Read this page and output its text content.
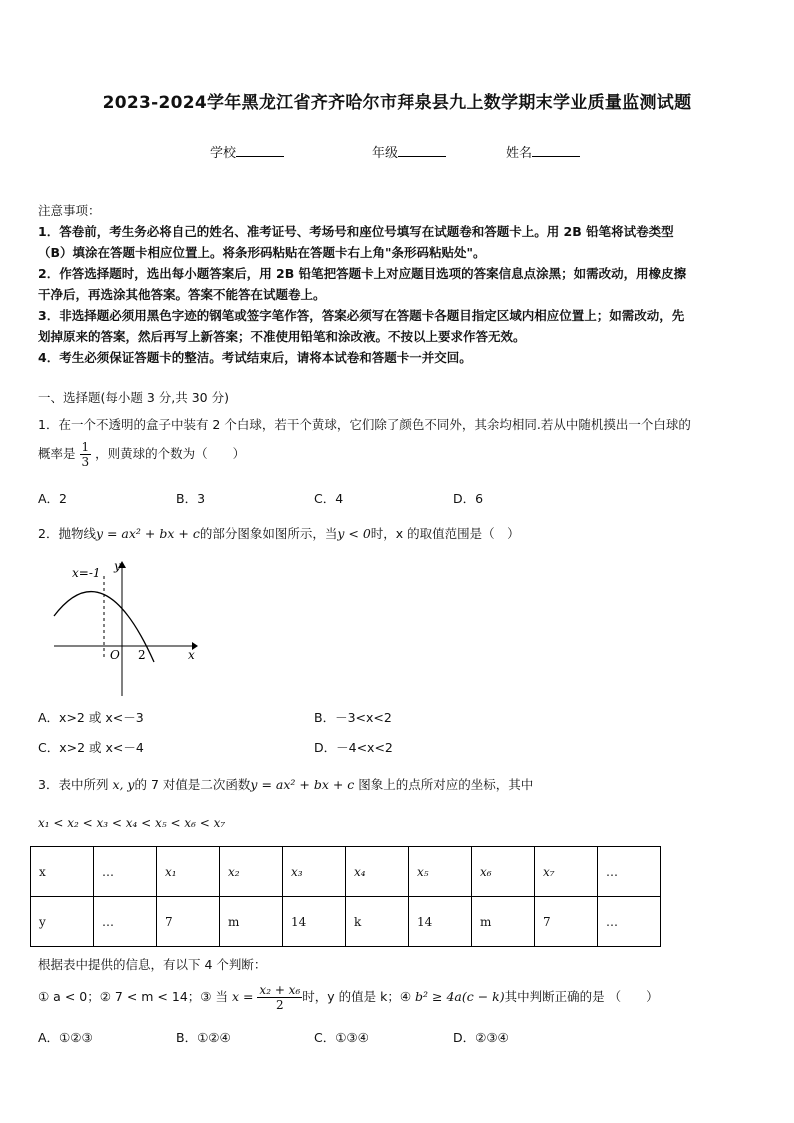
2023-2024学年黑龙江省齐齐哈尔市拜泉县九上数学期末学业质量监测试题
学校	年级	姓名
注意事项：
1．答卷前，考生务必将自己的姓名、准考证号、考场号和座位号填写在试题卷和答题卡上。用 2B 铅笔将试卷类型
（B）填涂在答题卡相应位置上。将条形码粘贴在答题卡右上角"条形码粘贴处"。
2．作答选择题时，选出每小题答案后，用 2B 铅笔把答题卡上对应题目选项的答案信息点涂黑；如需改动，用橡皮擦
干净后，再选涂其他答案。答案不能答在试题卷上。
3．非选择题必须用黑色字迹的钢笔或签字笔作答，答案必须写在答题卡各题目指定区域内相应位置上；如需改动，先
划掉原来的答案，然后再写上新答案；不准使用铅笔和涂改液。不按以上要求作答无效。
4．考生必须保证答题卡的整洁。考试结束后，请将本试卷和答题卡一并交回。
一、选择题(每小题 3 分,共 30 分)
1．在一个不透明的盒子中装有 2 个白球，若干个黄球，它们除了颜色不同外，其余均相同.若从中随机摸出一个白球的
概率是 $\frac{1}{3}$ ，则黄球的个数为（　　）
A．2	B．3	C．4	D．6
2．抛物线y = ax² + bx + c的部分图象如图所示，当y < 0时，x 的取值范围是（　）
x=-1 y
x
O 2
A．x>2 或 x<－3	B．－3<x<2
C．x>2 或 x<－4	D．－4<x<2
3．表中所列 x, y的 7 对值是二次函数y = ax² + bx + c 图象上的点所对应的坐标，其中
x₁ < x₂ < x₃ < x₄ < x₅ < x₆ < x₇
x	…	x₁	x₂	x₃	x₄	x₅	x₆	x₇	…
y	…	7	m	14	k	14	m	7	…
根据表中提供的信息，有以下 4 个判断：
① a < 0；② 7 < m < 14；③ 当 $x = \frac{\text{x₂ + x₆}}{2}$ 时，y 的值是 k；④ b² ≥ 4a(c − k)其中判断正确的是 （　　）
A．①②③	B．①②④	C．①③④	D．②③④
